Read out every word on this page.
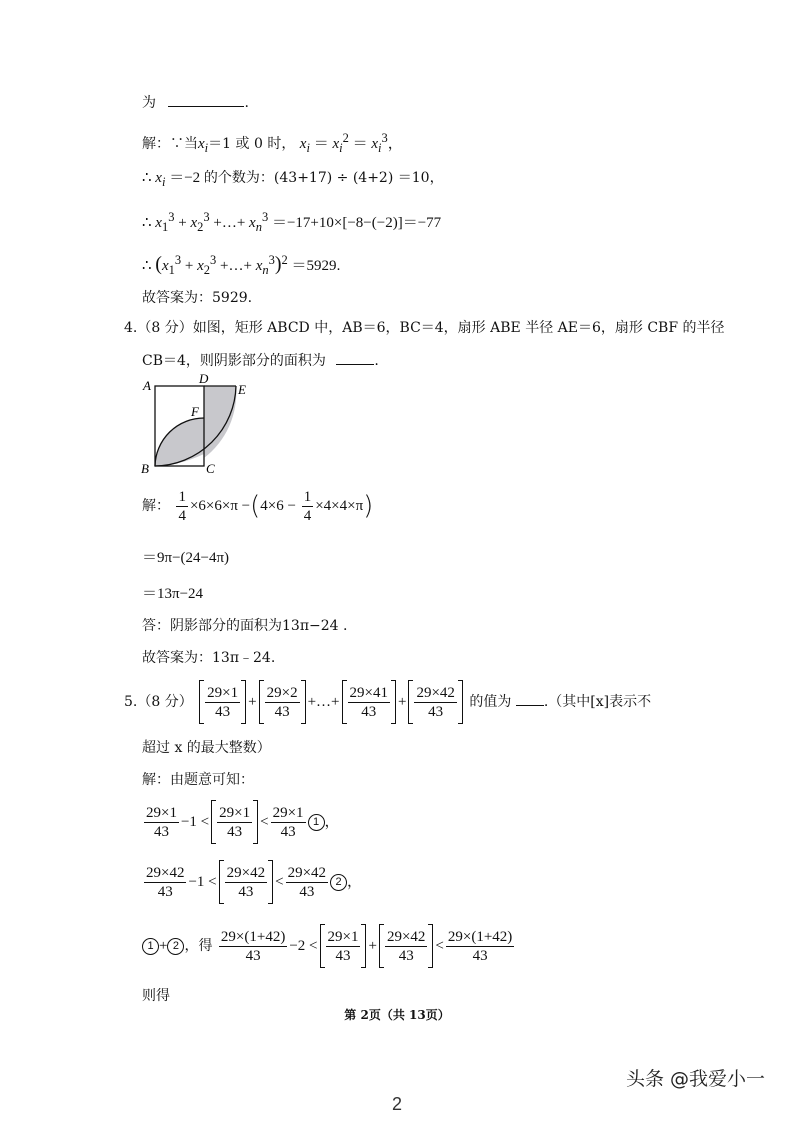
为	.
解：∵当$x_i=1$ 或 0 时， $x_i = x_i^2 = x_i^3$，
∴ $x_i =-2$ 的个数为：(43+17) ÷ (4+2) ＝10，
∴ $x_1^3 + x_2^3$ +…+ $x_n^3 =-17+10\times[-8-(-2)]=-77$
∴ ($x_1^3 + x_2^3$ +…+ $x_n^3)^2 =5929$.
故答案为：5929.
4.（8 分）如图，矩形 ABCD 中，AB＝6，BC＝4，扇形 ABE 半径 AE＝6，扇形 CBF 的半径
CB＝4，则阴影部分的面积为	.
A	D
E
F
B	C
解： $\frac{1}{4} \times 6\times 6\times\pi -(4\times 6 - \frac{1}{4} \times 4\times 4\times\pi)$
＝9π−(24−4π)
＝13π−24
答：阴影部分的面积为13π−24 .
故答案为：13π﹣24.
5.（8 分） $\frac{29\times 1}{43} + \frac{29\times 2}{43}$ +…+ $\frac{29\times 41}{43} + \frac{29\times 42}{43}$ 的值为 .（其中[x]表示不
超过 x 的最大整数）
解：由题意可知：
$\frac{29\times 1}{43} -1 < \frac{29\times 1}{43} < \frac{29\times 1}{43} 1$ ，
$\frac{29\times 42}{43} -1 < \frac{29\times 42}{43} < \frac{29\times 42}{43} 2$ ，
1 + 2 ，得 $\frac{29\times(1+42)}{43} -2 < \frac{29\times 1}{43} + \frac{29\times 42}{43} < \frac{29\times(1+42)}{43}$
则得
第 2页（共 13页）
头条 @我爱小一
2
